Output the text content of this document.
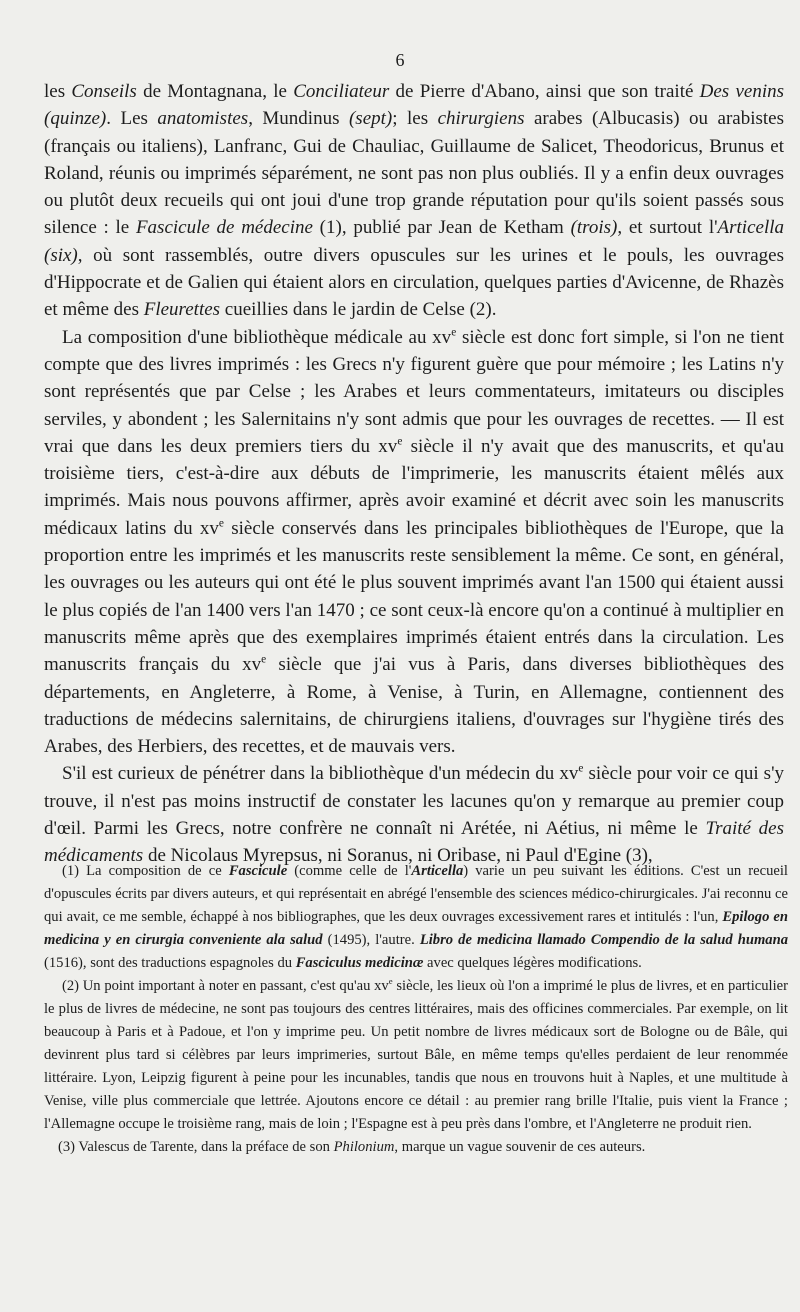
6

les Conseils de Montagnana, le Conciliateur de Pierre d'Abano, ainsi que son traité Des venins (quinze). Les anatomistes, Mundinus (sept); les chirurgiens arabes (Albucasis) ou arabistes (français ou italiens), Lanfranc, Gui de Chauliac, Guillaume de Salicet, Theodoricus, Brunus et Roland, réunis ou imprimés séparément, ne sont pas non plus oubliés. Il y a enfin deux ouvrages ou plutôt deux recueils qui ont joui d'une trop grande réputation pour qu'ils soient passés sous silence : le Fascicule de médecine (1), publié par Jean de Ketham (trois), et surtout l'Articella (six), où sont rassemblés, outre divers opuscules sur les urines et le pouls, les ouvrages d'Hippocrate et de Galien qui étaient alors en circulation, quelques parties d'Avicenne, de Rhazès et même des Fleurettes cueillies dans le jardin de Celse (2).

La composition d'une bibliothèque médicale au $xv^e$ siècle est donc fort simple, si l'on ne tient compte que des livres imprimés : les Grecs n'y figurent guère que pour mémoire ; les Latins n'y sont représentés que par Celse ; les Arabes et leurs commentateurs, imitateurs ou disciples serviles, y abondent ; les Salernitains n'y sont admis que pour les ouvrages de recettes. — Il est vrai que dans les deux premiers tiers du $xv^e$ siècle il n'y avait que des manuscrits, et qu'au troisième tiers, c'est-à-dire aux débuts de l'imprimerie, les manuscrits étaient mêlés aux imprimés. Mais nous pouvons affirmer, après avoir examiné et décrit avec soin les manuscrits médicaux latins du $xv^e$ siècle conservés dans les principales bibliothèques de l'Europe, que la proportion entre les imprimés et les manuscrits reste sensiblement la même. Ce sont, en général, les ouvrages ou les auteurs qui ont été le plus souvent imprimés avant l'an 1500 qui étaient aussi le plus copiés de l'an 1400 vers l'an 1470 ; ce sont ceux-là encore qu'on a continué à multiplier en manuscrits même après que des exemplaires imprimés étaient entrés dans la circulation. Les manuscrits français du $xv^e$ siècle que j'ai vus à Paris, dans diverses bibliothèques des départements, en Angleterre, à Rome, à Venise, à Turin, en Allemagne, contiennent des traductions de médecins salernitains, de chirurgiens italiens, d'ouvrages sur l'hygiène tirés des Arabes, des Herbiers, des recettes, et de mauvais vers.

S'il est curieux de pénétrer dans la bibliothèque d'un médecin du $xv^e$ siècle pour voir ce qui s'y trouve, il n'est pas moins instructif de constater les lacunes qu'on y remarque au premier coup d'œil. Parmi les Grecs, notre confrère ne connaît ni Arétée, ni Aétius, ni même le Traité des médicaments de Nicolaus Myrepsus, ni Soranus, ni Oribase, ni Paul d'Egine (3),

(1) La composition de ce Fascicule (comme celle de l'Articella) varie un peu suivant les éditions. C'est un recueil d'opuscules écrits par divers auteurs, et qui représentait en abrégé l'ensemble des sciences médico-chirurgicales. J'ai reconnu ce qui avait, ce me semble, échappé à nos bibliographes, que les deux ouvrages excessivement rares et intitulés : l'un, Epilogo en medicina y en cirurgia conveniente ala salud (1495), l'autre. Libro de medicina llamado Compendio de la salud humana (1516), sont des traductions espagnoles du Fasciculus medicinæ avec quelques légères modifications.

(2) Un point important à noter en passant, c'est qu'au $xv^e$ siècle, les lieux où l'on a imprimé le plus de livres, et en particulier le plus de livres de médecine, ne sont pas toujours des centres littéraires, mais des officines commerciales. Par exemple, on lit beaucoup à Paris et à Padoue, et l'on y imprime peu. Un petit nombre de livres médicaux sort de Bologne ou de Bâle, qui devinrent plus tard si célèbres par leurs imprimeries, surtout Bâle, en même temps qu'elles perdaient de leur renommée littéraire. Lyon, Leipzig figurent à peine pour les incunables, tandis que nous en trouvons huit à Naples, et une multitude à Venise, ville plus commerciale que lettrée. Ajoutons encore ce détail : au premier rang brille l'Italie, puis vient la France ; l'Allemagne occupe le troisième rang, mais de loin ; l'Espagne est à peu près dans l'ombre, et l'Angleterre ne produit rien.

(3) Valescus de Tarente, dans la préface de son Philonium, marque un vague souvenir de ces auteurs.
